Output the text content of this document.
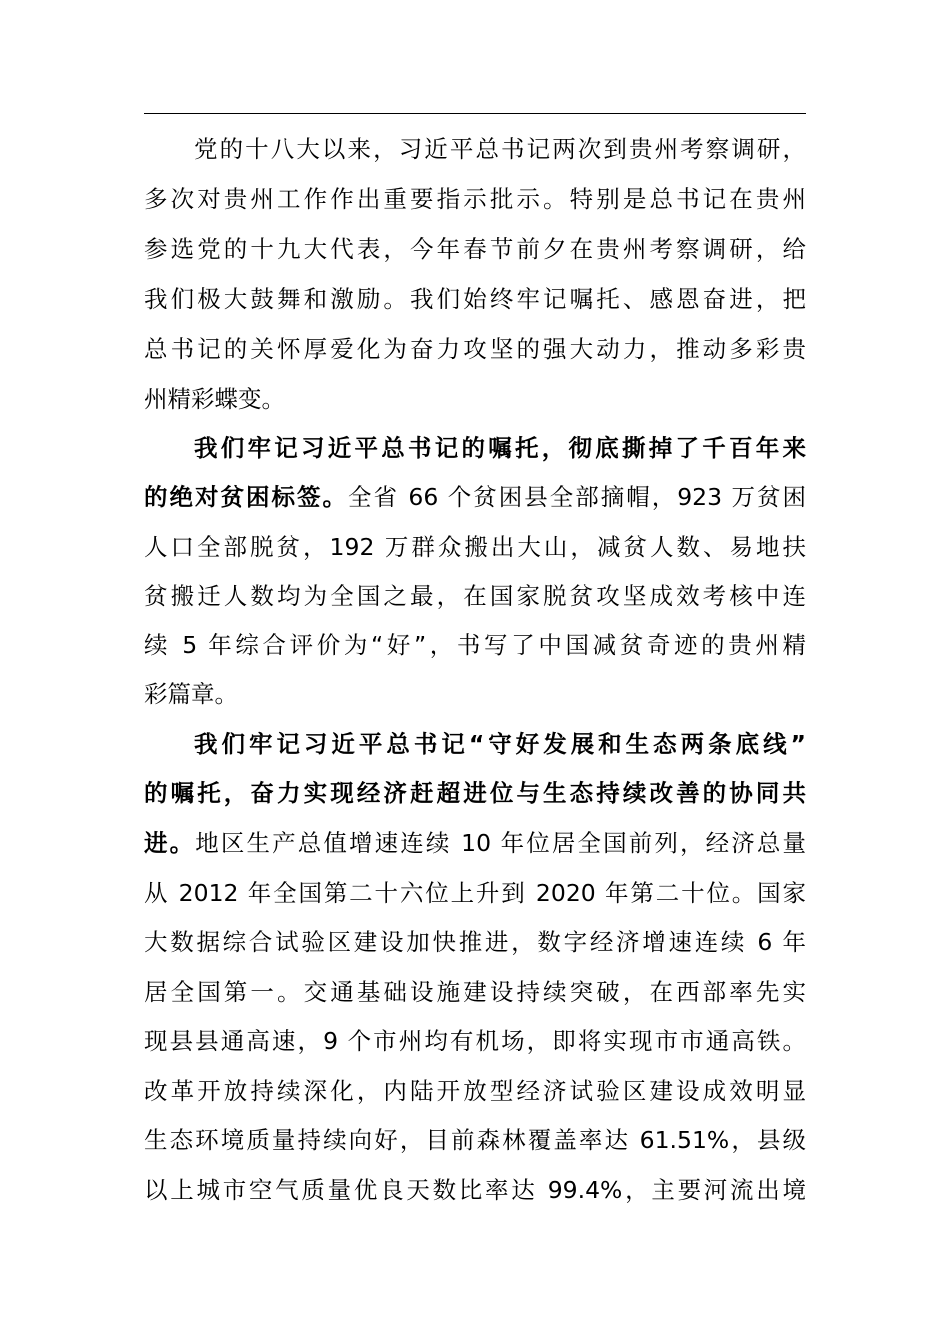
党的十八大以来，习近平总书记两次到贵州考察调研，
多次对贵州工作作出重要指示批示。特别是总书记在贵州
参选党的十九大代表，今年春节前夕在贵州考察调研，给
我们极大鼓舞和激励。我们始终牢记嘱托、感恩奋进，把
总书记的关怀厚爱化为奋力攻坚的强大动力，推动多彩贵
州精彩蝶变。
我们牢记习近平总书记的嘱托，彻底撕掉了千百年来
的绝对贫困标签。全省 66 个贫困县全部摘帽，923 万贫困
人口全部脱贫，192 万群众搬出大山，减贫人数、易地扶
贫搬迁人数均为全国之最，在国家脱贫攻坚成效考核中连
续 5 年综合评价为“好”，书写了中国减贫奇迹的贵州精
彩篇章。
我们牢记习近平总书记“守好发展和生态两条底线”
的嘱托，奋力实现经济赶超进位与生态持续改善的协同共
进。地区生产总值增速连续 10 年位居全国前列，经济总量
从 2012 年全国第二十六位上升到 2020 年第二十位。国家
大数据综合试验区建设加快推进，数字经济增速连续 6 年
居全国第一。交通基础设施建设持续突破，在西部率先实
现县县通高速，9 个市州均有机场，即将实现市市通高铁。
改革开放持续深化，内陆开放型经济试验区建设成效明显
生态环境质量持续向好，目前森林覆盖率达 61.51%，县级
以上城市空气质量优良天数比率达 99.4%，主要河流出境
